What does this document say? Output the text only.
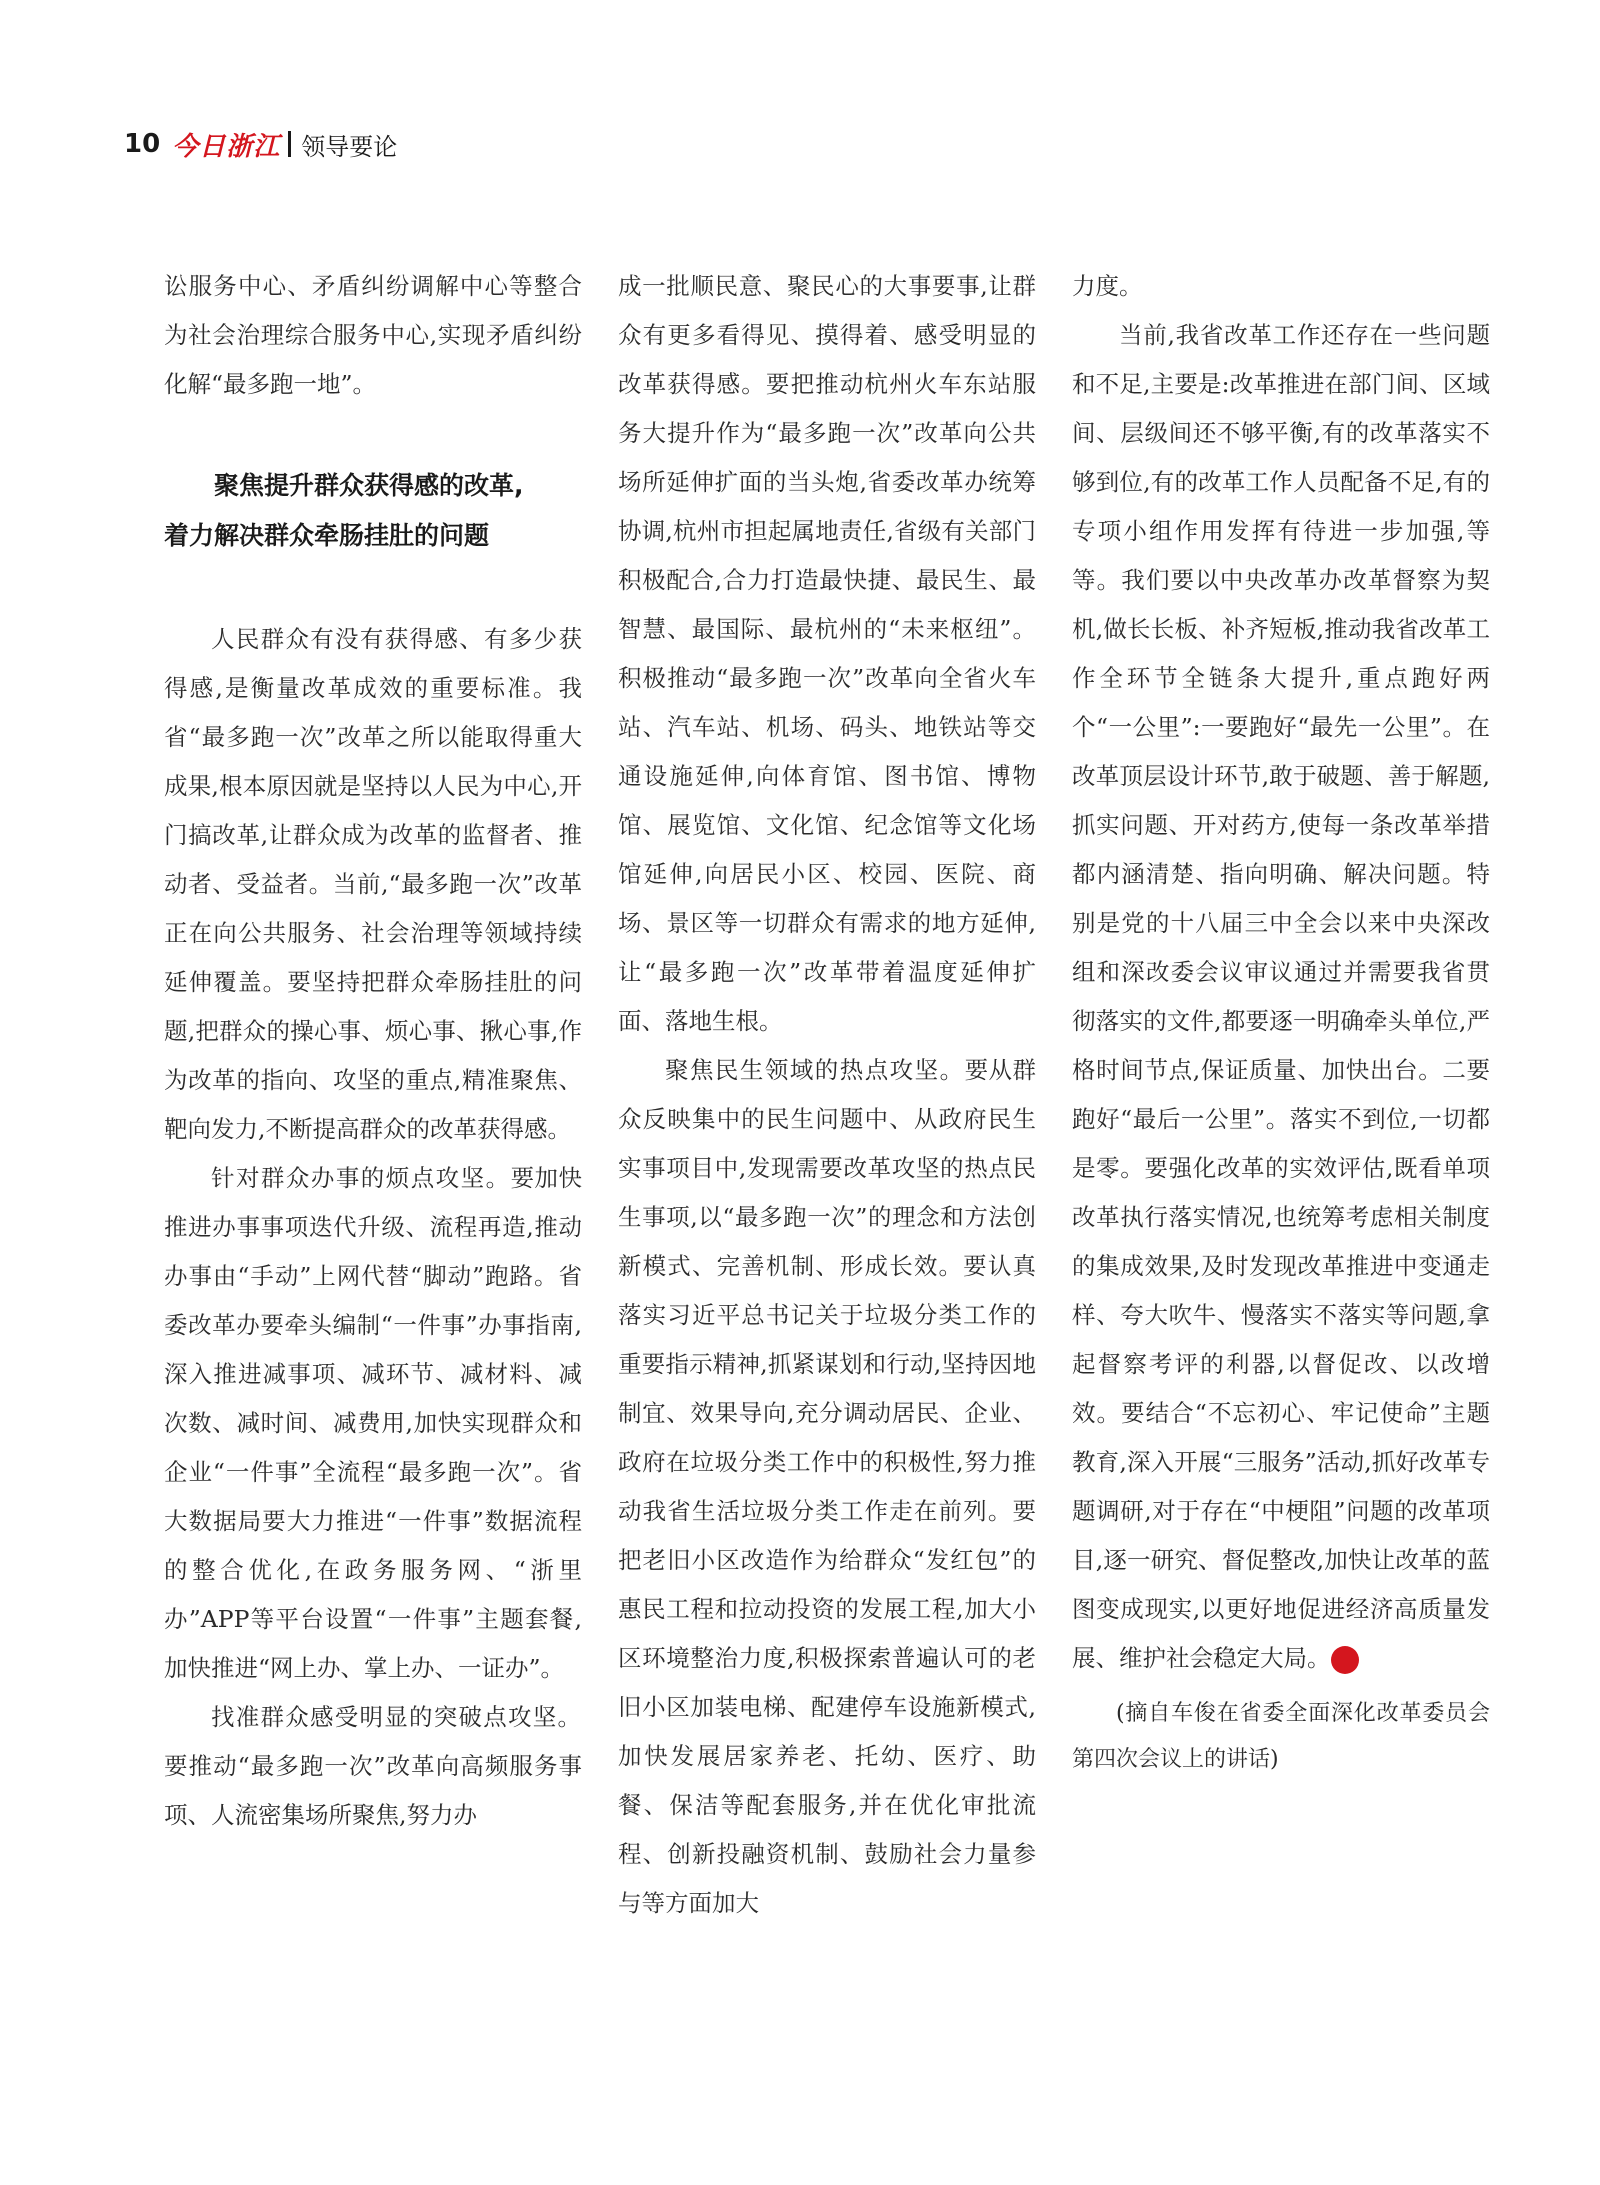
10 今日浙江 领导要论

讼服务中心、矛盾纠纷调解中心等整合为社会治理综合服务中心,实现矛盾纠纷化解“最多跑一地”。

聚焦提升群众获得感的改革,
着力解决群众牵肠挂肚的问题

人民群众有没有获得感、有多少获得感,是衡量改革成效的重要标准。我省“最多跑一次”改革之所以能取得重大成果,根本原因就是坚持以人民为中心,开门搞改革,让群众成为改革的监督者、推动者、受益者。当前,“最多跑一次”改革正在向公共服务、社会治理等领域持续延伸覆盖。要坚持把群众牵肠挂肚的问题,把群众的操心事、烦心事、揪心事,作为改革的指向、攻坚的重点,精准聚焦、靶向发力,不断提高群众的改革获得感。

针对群众办事的烦点攻坚。要加快推进办事事项迭代升级、流程再造,推动办事由“手动”上网代替“脚动”跑路。省委改革办要牵头编制“一件事”办事指南,深入推进减事项、减环节、减材料、减次数、减时间、减费用,加快实现群众和企业“一件事”全流程“最多跑一次”。省大数据局要大力推进“一件事”数据流程的整合优化,在政务服务网、“浙里办”APP等平台设置“一件事”主题套餐,加快推进“网上办、掌上办、一证办”。

找准群众感受明显的突破点攻坚。要推动“最多跑一次”改革向高频服务事项、人流密集场所聚焦,努力办

成一批顺民意、聚民心的大事要事,让群众有更多看得见、摸得着、感受明显的改革获得感。要把推动杭州火车东站服务大提升作为“最多跑一次”改革向公共场所延伸扩面的当头炮,省委改革办统筹协调,杭州市担起属地责任,省级有关部门积极配合,合力打造最快捷、最民生、最智慧、最国际、最杭州的“未来枢纽”。积极推动“最多跑一次”改革向全省火车站、汽车站、机场、码头、地铁站等交通设施延伸,向体育馆、图书馆、博物馆、展览馆、文化馆、纪念馆等文化场馆延伸,向居民小区、校园、医院、商场、景区等一切群众有需求的地方延伸,让“最多跑一次”改革带着温度延伸扩面、落地生根。

聚焦民生领域的热点攻坚。要从群众反映集中的民生问题中、从政府民生实事项目中,发现需要改革攻坚的热点民生事项,以“最多跑一次”的理念和方法创新模式、完善机制、形成长效。要认真落实习近平总书记关于垃圾分类工作的重要指示精神,抓紧谋划和行动,坚持因地制宜、效果导向,充分调动居民、企业、政府在垃圾分类工作中的积极性,努力推动我省生活垃圾分类工作走在前列。要把老旧小区改造作为给群众“发红包”的惠民工程和拉动投资的发展工程,加大小区环境整治力度,积极探索普遍认可的老旧小区加装电梯、配建停车设施新模式,加快发展居家养老、托幼、医疗、助餐、保洁等配套服务,并在优化审批流程、创新投融资机制、鼓励社会力量参与等方面加大

力度。

当前,我省改革工作还存在一些问题和不足,主要是:改革推进在部门间、区域间、层级间还不够平衡,有的改革落实不够到位,有的改革工作人员配备不足,有的专项小组作用发挥有待进一步加强,等等。我们要以中央改革办改革督察为契机,做长长板、补齐短板,推动我省改革工作全环节全链条大提升,重点跑好两个“一公里”:一要跑好“最先一公里”。在改革顶层设计环节,敢于破题、善于解题,抓实问题、开对药方,使每一条改革举措都内涵清楚、指向明确、解决问题。特别是党的十八届三中全会以来中央深改组和深改委会议审议通过并需要我省贯彻落实的文件,都要逐一明确牵头单位,严格时间节点,保证质量、加快出台。二要跑好“最后一公里”。落实不到位,一切都是零。要强化改革的实效评估,既看单项改革执行落实情况,也统筹考虑相关制度的集成效果,及时发现改革推进中变通走样、夸大吹牛、慢落实不落实等问题,拿起督察考评的利器,以督促改、以改增效。要结合“不忘初心、牢记使命”主题教育,深入开展“三服务”活动,抓好改革专题调研,对于存在“中梗阻”问题的改革项目,逐一研究、督促整改,加快让改革的蓝图变成现实,以更好地促进经济高质量发展、维护社会稳定大局。	今

(摘自车俊在省委全面深化改革委员会第四次会议上的讲话)
